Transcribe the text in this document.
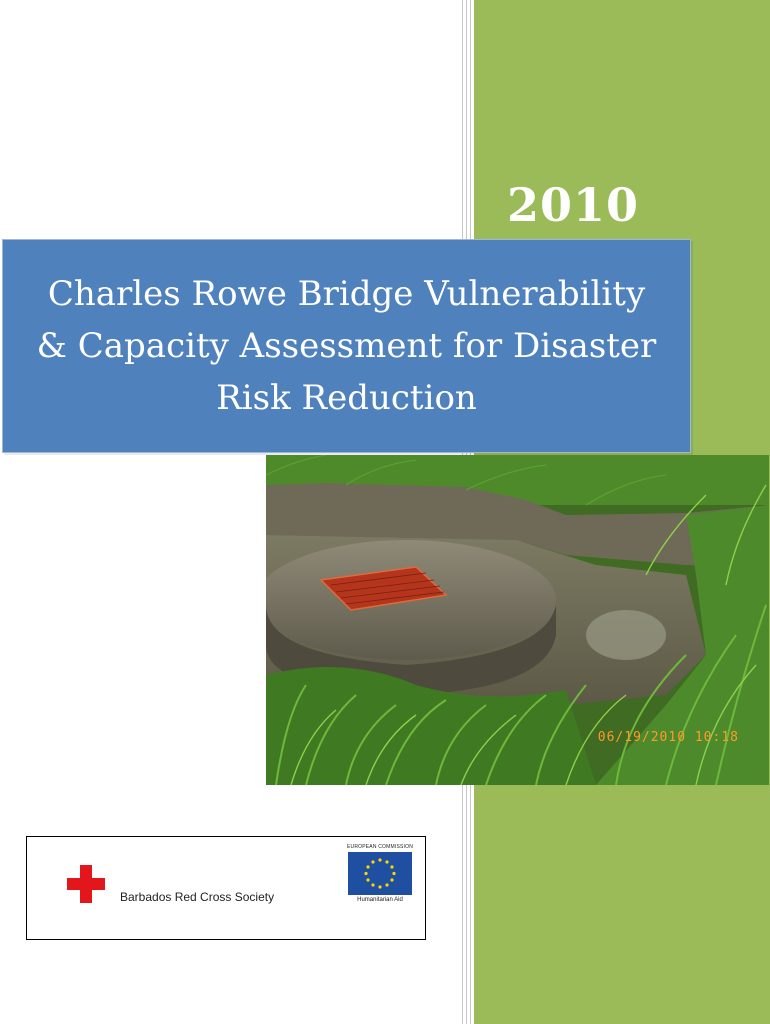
2010
Charles Rowe Bridge Vulnerability & Capacity Assessment for Disaster Risk Reduction
06/19/2010 10:18
Barbados Red Cross Society
EUROPEAN COMMISSION
Humanitarian Aid
